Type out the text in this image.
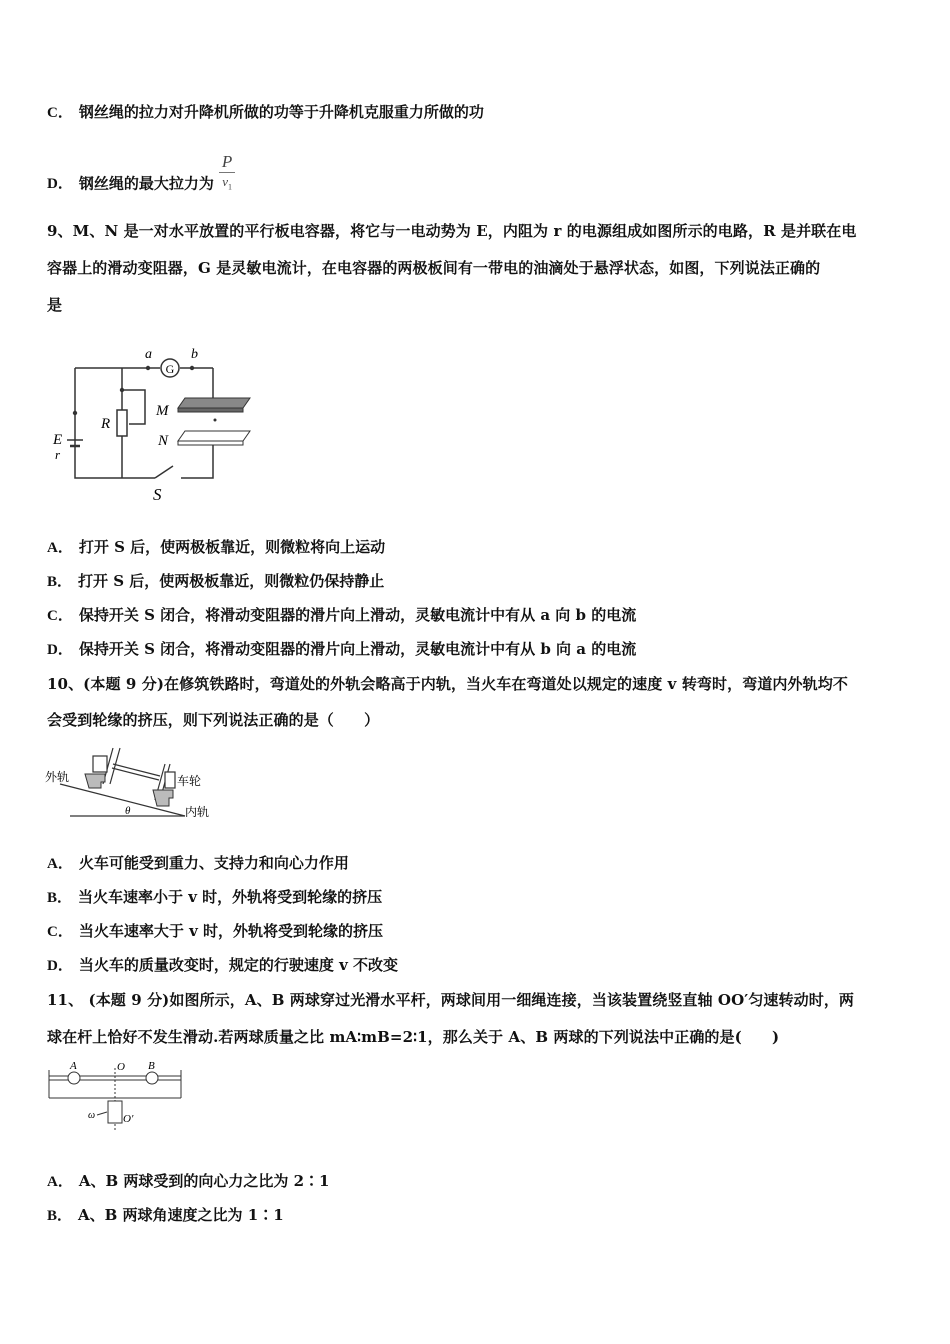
C． 钢丝绳的拉力对升降机所做的功等于升降机克服重力所做的功
D． 钢丝绳的最大拉力为 $\frac{P}{v_1}$
9、M、N 是一对水平放置的平行板电容器，将它与一电动势为 E，内阻为 r 的电源组成如图所示的电路，R 是并联在电
容器上的滑动变阻器，G 是灵敏电流计，在电容器的两极板间有一带电的油滴处于悬浮状态，如图，下列说法正确的
是
G
a	b
M
N
R
E
r
S
A． 打开 S 后，使两极板靠近，则微粒将向上运动
B． 打开 S 后，使两极板靠近，则微粒仍保持静止
C． 保持开关 S 闭合，将滑动变阻器的滑片向上滑动，灵敏电流计中有从 a 向 b 的电流
D． 保持开关 S 闭合，将滑动变阻器的滑片向上滑动，灵敏电流计中有从 b 向 a 的电流
10、(本题 9 分)在修筑铁路时，弯道处的外轨会略高于内轨，当火车在弯道处以规定的速度 v 转弯时，弯道内外轨均不
会受到轮缘的挤压，则下列说法正确的是（　　）
外轨	车轮
内轨
θ
A． 火车可能受到重力、支持力和向心力作用
B． 当火车速率小于 v 时，外轨将受到轮缘的挤压
C． 当火车速率大于 v 时，外轨将受到轮缘的挤压
D． 当火车的质量改变时，规定的行驶速度 v 不改变
11、 (本题 9 分)如图所示，A、B 两球穿过光滑水平杆，两球间用一细绳连接，当该装置绕竖直轴 OO′匀速转动时，两
球在杆上恰好不发生滑动.若两球质量之比 mA∶mB=2∶1，那么关于 A、B 两球的下列说法中正确的是(　　)
A	O B
ω	O′
A． A、B 两球受到的向心力之比为 2∶1
B． A、B 两球角速度之比为 1∶1
